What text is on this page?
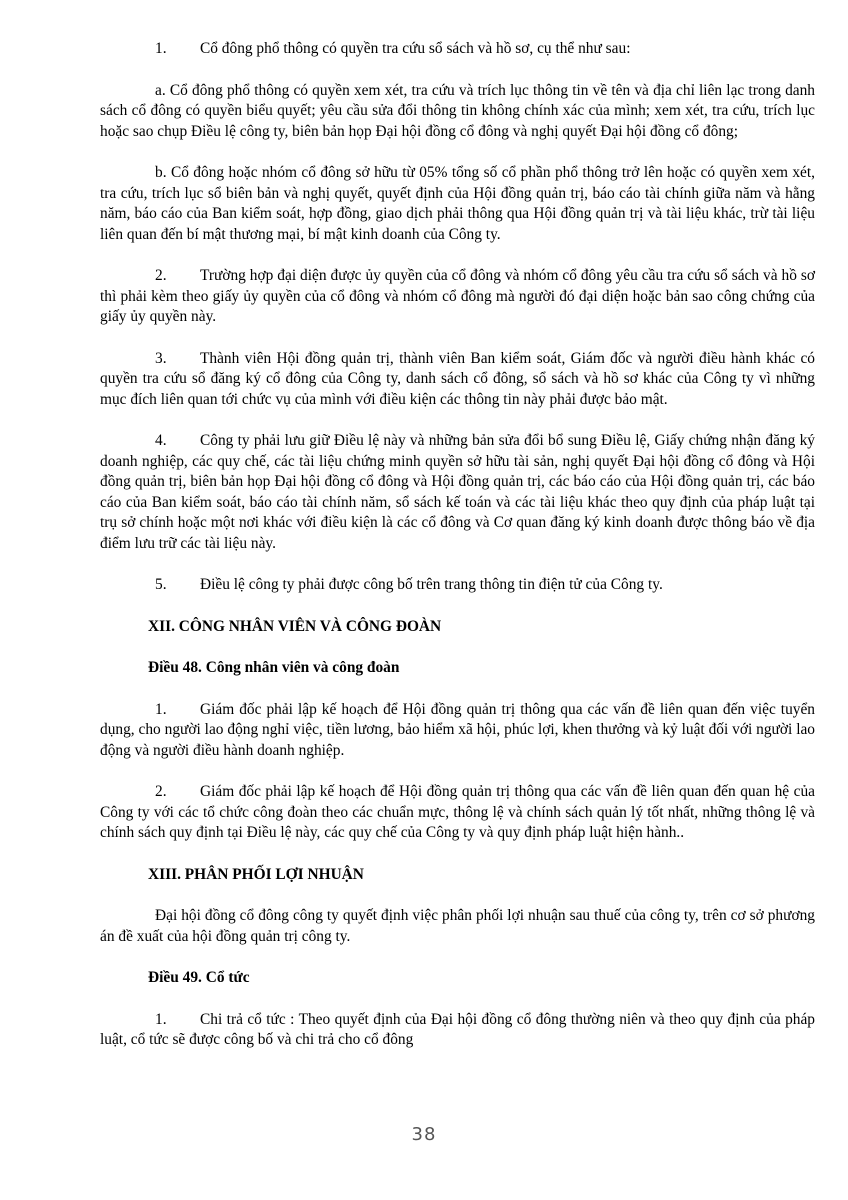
1. Cổ đông phổ thông có quyền tra cứu sổ sách và hồ sơ, cụ thể như sau:

a. Cổ đông phổ thông có quyền xem xét, tra cứu và trích lục thông tin về tên và địa chỉ liên lạc trong danh sách cổ đông có quyền biểu quyết; yêu cầu sửa đổi thông tin không chính xác của mình; xem xét, tra cứu, trích lục hoặc sao chụp Điều lệ công ty, biên bản họp Đại hội đồng cổ đông và nghị quyết Đại hội đồng cổ đông;

b. Cổ đông hoặc nhóm cổ đông sở hữu từ 05% tổng số cổ phần phổ thông trở lên hoặc có quyền xem xét, tra cứu, trích lục sổ biên bản và nghị quyết, quyết định của Hội đồng quản trị, báo cáo tài chính giữa năm và hằng năm, báo cáo của Ban kiểm soát, hợp đồng, giao dịch phải thông qua Hội đồng quản trị và tài liệu khác, trừ tài liệu liên quan đến bí mật thương mại, bí mật kinh doanh của Công ty.

2. Trường hợp đại diện được ủy quyền của cổ đông và nhóm cổ đông yêu cầu tra cứu sổ sách và hồ sơ thì phải kèm theo giấy ủy quyền của cổ đông và nhóm cổ đông mà người đó đại diện hoặc bản sao công chứng của giấy ủy quyền này.

3. Thành viên Hội đồng quản trị, thành viên Ban kiểm soát, Giám đốc và người điều hành khác có quyền tra cứu sổ đăng ký cổ đông của Công ty, danh sách cổ đông, sổ sách và hồ sơ khác của Công ty vì những mục đích liên quan tới chức vụ của mình với điều kiện các thông tin này phải được bảo mật.

4. Công ty phải lưu giữ Điều lệ này và những bản sửa đổi bổ sung Điều lệ, Giấy chứng nhận đăng ký doanh nghiệp, các quy chế, các tài liệu chứng minh quyền sở hữu tài sản, nghị quyết Đại hội đồng cổ đông và Hội đồng quản trị, biên bản họp Đại hội đồng cổ đông và Hội đồng quản trị, các báo cáo của Hội đồng quản trị, các báo cáo của Ban kiểm soát, báo cáo tài chính năm, sổ sách kế toán và các tài liệu khác theo quy định của pháp luật tại trụ sở chính hoặc một nơi khác với điều kiện là các cổ đông và Cơ quan đăng ký kinh doanh được thông báo về địa điểm lưu trữ các tài liệu này.

5. Điều lệ công ty phải được công bố trên trang thông tin điện tử của Công ty.

XII. CÔNG NHÂN VIÊN VÀ CÔNG ĐOÀN

Điều 48. Công nhân viên và công đoàn

1. Giám đốc phải lập kế hoạch để Hội đồng quản trị thông qua các vấn đề liên quan đến việc tuyển dụng, cho người lao động nghỉ việc, tiền lương, bảo hiểm xã hội, phúc lợi, khen thưởng và kỷ luật đối với người lao động và người điều hành doanh nghiệp.

2. Giám đốc phải lập kế hoạch để Hội đồng quản trị thông qua các vấn đề liên quan đến quan hệ của Công ty với các tổ chức công đoàn theo các chuẩn mực, thông lệ và chính sách quản lý tốt nhất, những thông lệ và chính sách quy định tại Điều lệ này, các quy chế của Công ty và quy định pháp luật hiện hành..

XIII. PHÂN PHỐI LỢI NHUẬN

Đại hội đồng cổ đông công ty quyết định việc phân phối lợi nhuận sau thuế của công ty, trên cơ sở phương án đề xuất của hội đồng quản trị công ty.

Điều 49. Cổ tức

1. Chi trả cổ tức : Theo quyết định của Đại hội đồng cổ đông thường niên và theo quy định của pháp luật, cổ tức sẽ được công bố và chi trả cho cổ đông

38
